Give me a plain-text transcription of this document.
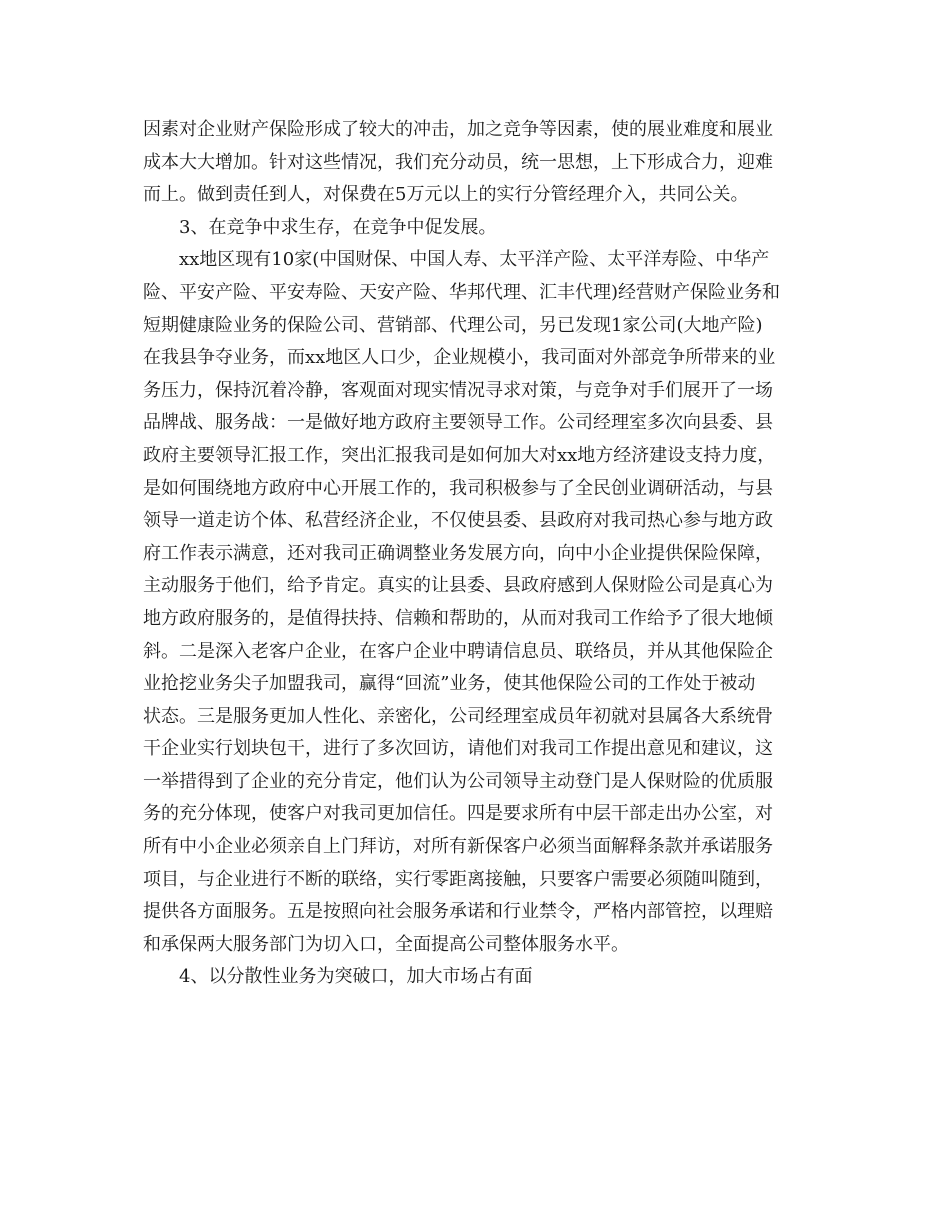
因素对企业财产保险形成了较大的冲击，加之竞争等因素，使的展业难度和展业
成本大大增加。针对这些情况，我们充分动员，统一思想，上下形成合力，迎难
而上。做到责任到人，对保费在5万元以上的实行分管经理介入，共同公关。
3、在竞争中求生存，在竞争中促发展。
xx地区现有10家(中国财保、中国人寿、太平洋产险、太平洋寿险、中华产
险、平安产险、平安寿险、天安产险、华邦代理、汇丰代理)经营财产保险业务和
短期健康险业务的保险公司、营销部、代理公司，另已发现1家公司(大地产险)
在我县争夺业务，而xx地区人口少，企业规模小，我司面对外部竞争所带来的业
务压力，保持沉着冷静，客观面对现实情况寻求对策，与竞争对手们展开了一场
品牌战、服务战：一是做好地方政府主要领导工作。公司经理室多次向县委、县
政府主要领导汇报工作，突出汇报我司是如何加大对xx地方经济建设支持力度，
是如何围绕地方政府中心开展工作的，我司积极参与了全民创业调研活动，与县
领导一道走访个体、私营经济企业，不仅使县委、县政府对我司热心参与地方政
府工作表示满意，还对我司正确调整业务发展方向，向中小企业提供保险保障，
主动服务于他们，给予肯定。真实的让县委、县政府感到人保财险公司是真心为
地方政府服务的，是值得扶持、信赖和帮助的，从而对我司工作给予了很大地倾
斜。二是深入老客户企业，在客户企业中聘请信息员、联络员，并从其他保险企
业抢挖业务尖子加盟我司，赢得“回流”业务，使其他保险公司的工作处于被动
状态。三是服务更加人性化、亲密化，公司经理室成员年初就对县属各大系统骨
干企业实行划块包干，进行了多次回访，请他们对我司工作提出意见和建议，这
一举措得到了企业的充分肯定，他们认为公司领导主动登门是人保财险的优质服
务的充分体现，使客户对我司更加信任。四是要求所有中层干部走出办公室，对
所有中小企业必须亲自上门拜访，对所有新保客户必须当面解释条款并承诺服务
项目，与企业进行不断的联络，实行零距离接触，只要客户需要必须随叫随到，
提供各方面服务。五是按照向社会服务承诺和行业禁令，严格内部管控，以理赔
和承保两大服务部门为切入口，全面提高公司整体服务水平。
4、以分散性业务为突破口，加大市场占有面
